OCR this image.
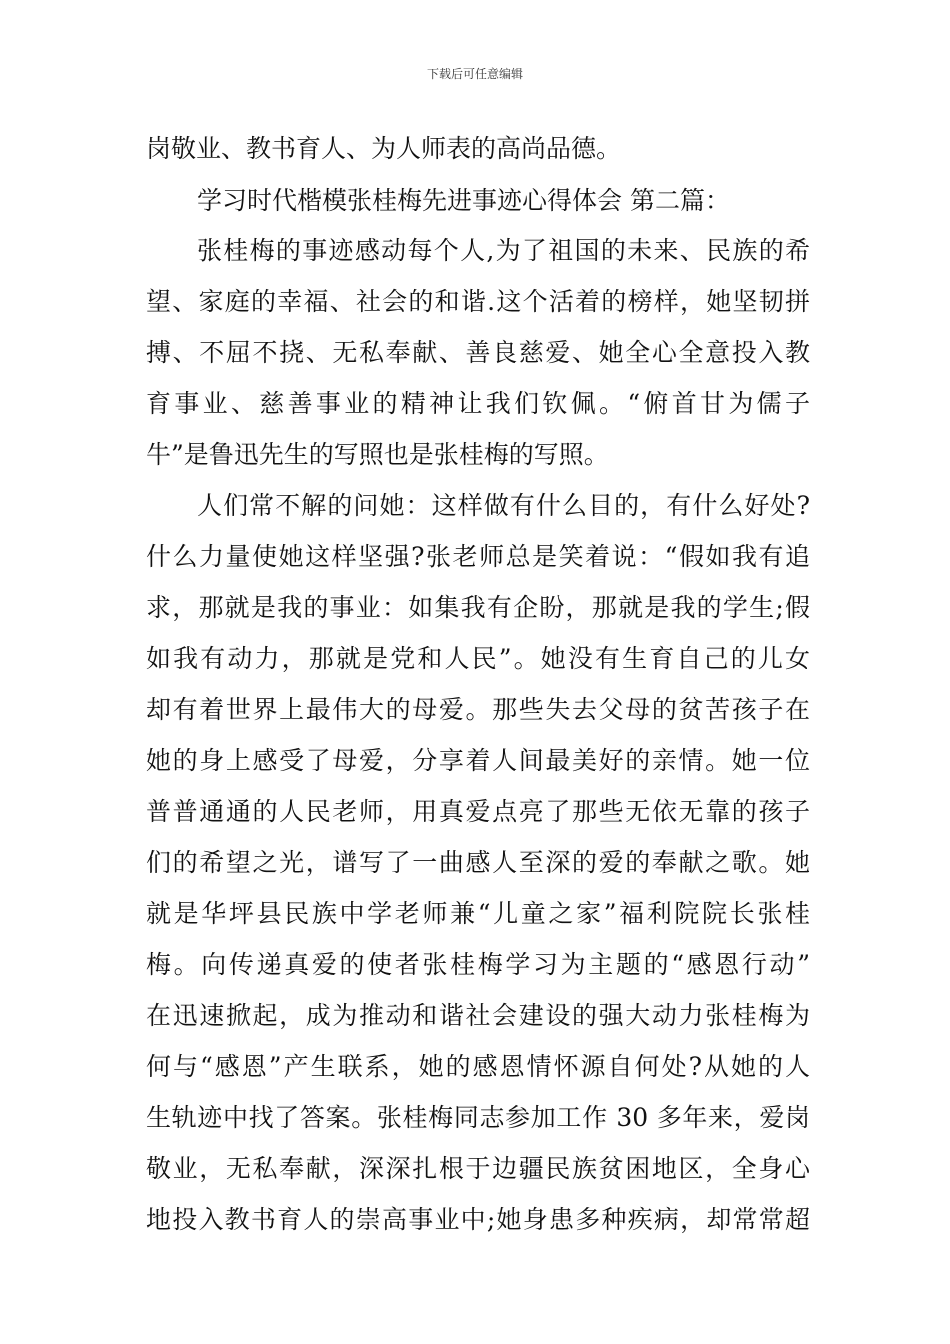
下载后可任意编辑
岗敬业、教书育人、为人师表的高尚品德。
学习时代楷模张桂梅先进事迹心得体会 第二篇：
张桂梅的事迹感动每个人,为了祖国的未来、民族的希
望、家庭的幸福、社会的和谐.这个活着的榜样，她坚韧拼
搏、不屈不挠、无私奉献、善良慈爱、她全心全意投入教
育事业、慈善事业的精神让我们钦佩。“俯首甘为儒子
牛”是鲁迅先生的写照也是张桂梅的写照。
人们常不解的问她：这样做有什么目的，有什么好处?
什么力量使她这样坚强?张老师总是笑着说：“假如我有追
求，那就是我的事业：如集我有企盼，那就是我的学生;假
如我有动力，那就是党和人民”。她没有生育自己的儿女
却有着世界上最伟大的母爱。那些失去父母的贫苦孩子在
她的身上感受了母爱，分享着人间最美好的亲情。她一位
普普通通的人民老师，用真爱点亮了那些无依无靠的孩子
们的希望之光，谱写了一曲感人至深的爱的奉献之歌。她
就是华坪县民族中学老师兼“儿童之家”福利院院长张桂
梅。向传递真爱的使者张桂梅学习为主题的“感恩行动”
在迅速掀起，成为推动和谐社会建设的强大动力张桂梅为
何与“感恩”产生联系，她的感恩情怀源自何处?从她的人
生轨迹中找了答案。张桂梅同志参加工作 30 多年来，爱岗
敬业，无私奉献，深深扎根于边疆民族贫困地区，全身心
地投入教书育人的崇高事业中;她身患多种疾病，却常常超
